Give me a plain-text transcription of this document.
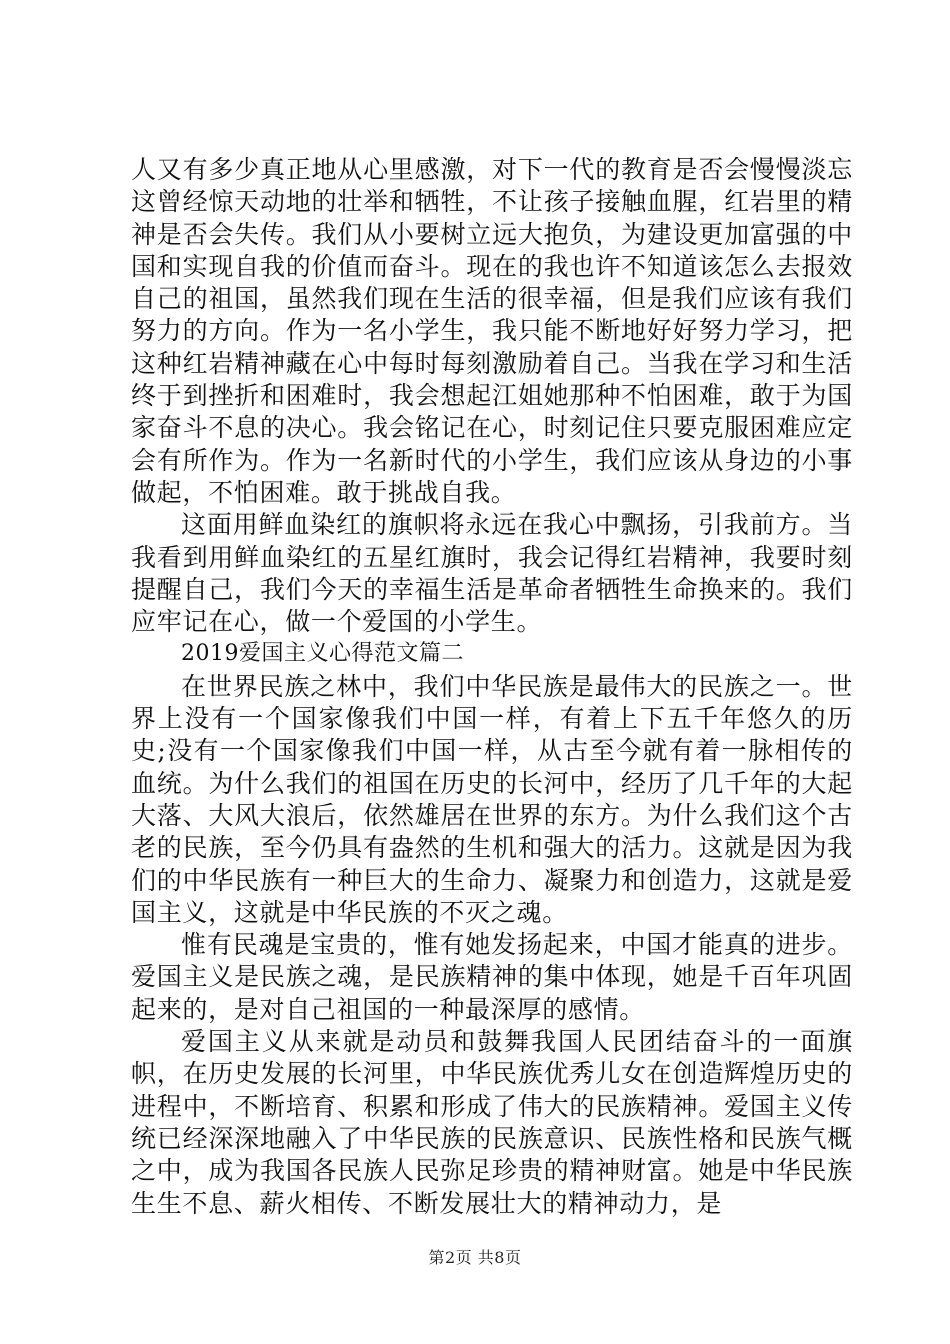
人又有多少真正地从心里感激，对下一代的教育是否会慢慢淡忘这曾经惊天动地的壮举和牺牲，不让孩子接触血腥，红岩里的精神是否会失传。我们从小要树立远大抱负，为建设更加富强的中国和实现自我的价值而奋斗。现在的我也许不知道该怎么去报效自己的祖国，虽然我们现在生活的很幸福，但是我们应该有我们努力的方向。作为一名小学生，我只能不断地好好努力学习，把这种红岩精神藏在心中每时每刻激励着自己。当我在学习和生活终于到挫折和困难时，我会想起江姐她那种不怕困难，敢于为国家奋斗不息的决心。我会铭记在心，时刻记住只要克服困难应定会有所作为。作为一名新时代的小学生，我们应该从身边的小事做起，不怕困难。敢于挑战自我。

这面用鲜血染红的旗帜将永远在我心中飘扬，引我前方。当我看到用鲜血染红的五星红旗时，我会记得红岩精神，我要时刻提醒自己，我们今天的幸福生活是革命者牺牲生命换来的。我们应牢记在心，做一个爱国的小学生。

2019爱国主义心得范文篇二

在世界民族之林中，我们中华民族是最伟大的民族之一。世界上没有一个国家像我们中国一样，有着上下五千年悠久的历史;没有一个国家像我们中国一样，从古至今就有着一脉相传的血统。为什么我们的祖国在历史的长河中，经历了几千年的大起大落、大风大浪后，依然雄居在世界的东方。为什么我们这个古老的民族，至今仍具有盎然的生机和强大的活力。这就是因为我们的中华民族有一种巨大的生命力、凝聚力和创造力，这就是爱国主义，这就是中华民族的不灭之魂。

惟有民魂是宝贵的，惟有她发扬起来，中国才能真的进步。爱国主义是民族之魂，是民族精神的集中体现，她是千百年巩固起来的，是对自己祖国的一种最深厚的感情。

爱国主义从来就是动员和鼓舞我国人民团结奋斗的一面旗帜，在历史发展的长河里，中华民族优秀儿女在创造辉煌历史的进程中，不断培育、积累和形成了伟大的民族精神。爱国主义传统已经深深地融入了中华民族的民族意识、民族性格和民族气概之中，成为我国各民族人民弥足珍贵的精神财富。她是中华民族生生不息、薪火相传、不断发展壮大的精神动力，是

第2页 共8页
